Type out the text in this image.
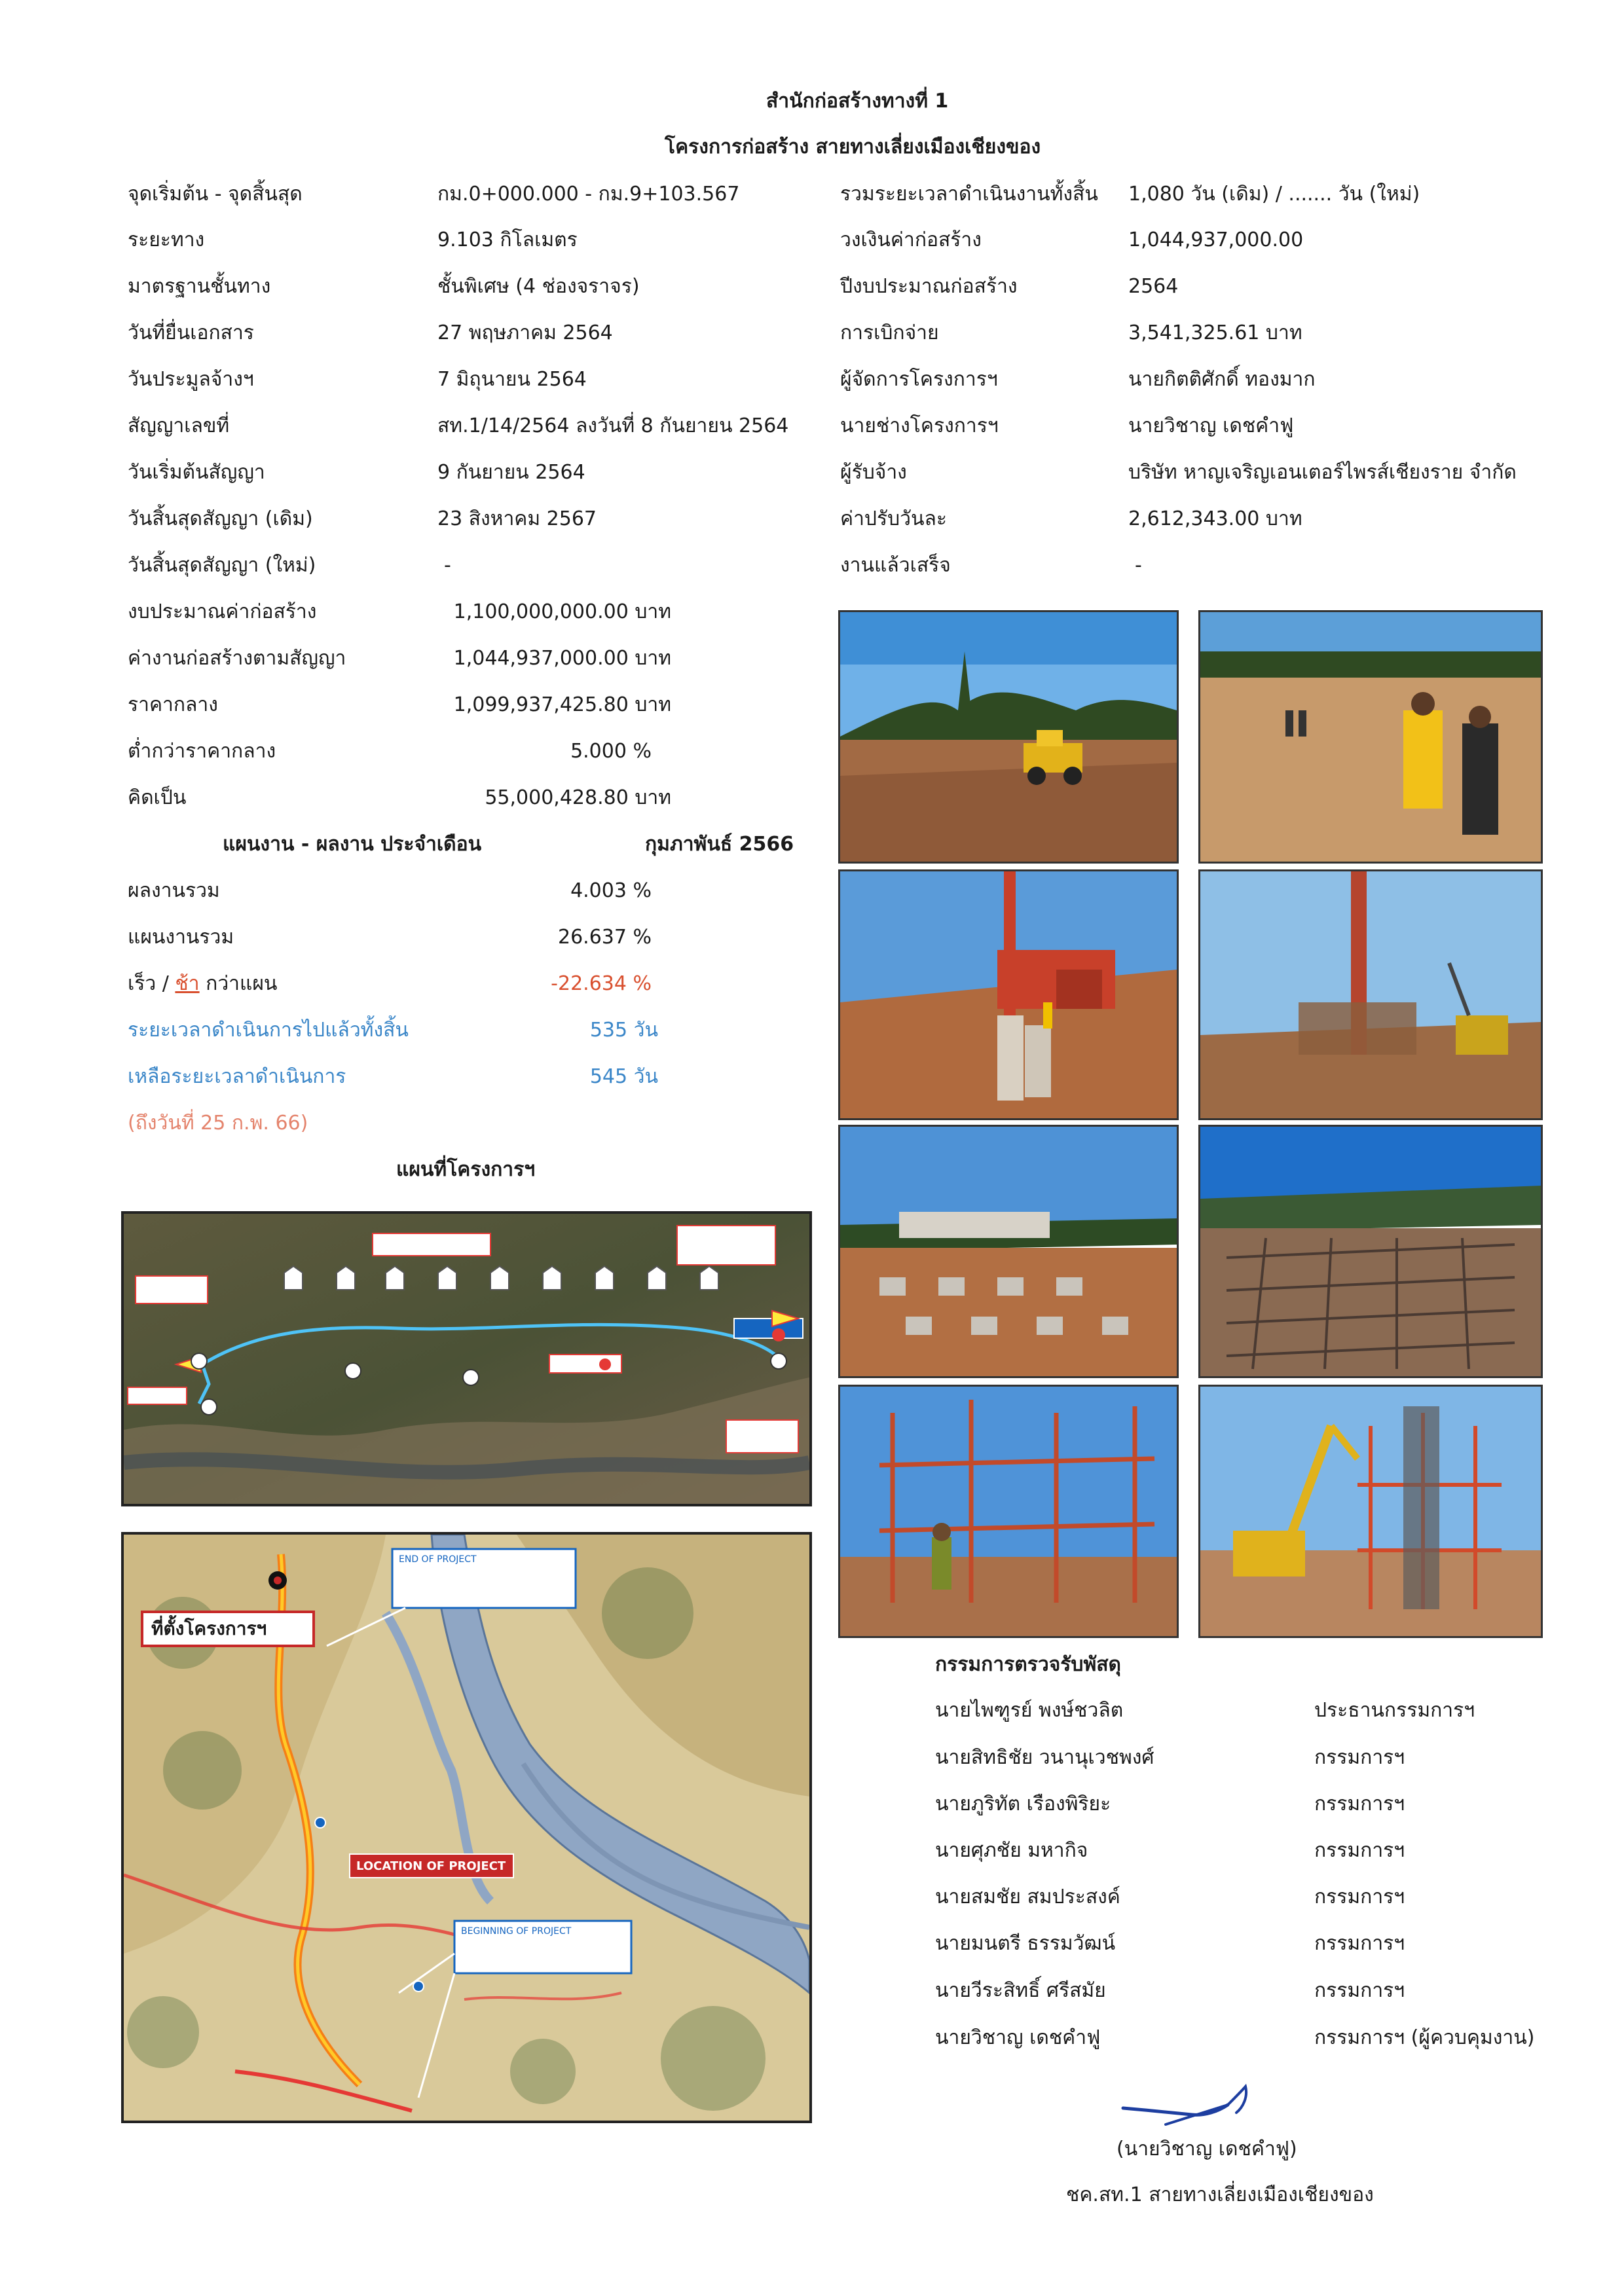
สำนักก่อสร้างทางที่ 1
โครงการก่อสร้าง สายทางเลี่ยงเมืองเชียงของ
จุดเริ่มต้น - จุดสิ้นสุด	กม.0+000.000 - กม.9+103.567
ระยะทาง	9.103 กิโลเมตร
มาตรฐานชั้นทาง	ชั้นพิเศษ (4 ช่องจราจร)
วันที่ยื่นเอกสาร	27 พฤษภาคม 2564
วันประมูลจ้างฯ	7 มิถุนายน 2564
สัญญาเลขที่	สท.1/14/2564 ลงวันที่ 8 กันยายน 2564
วันเริ่มต้นสัญญา	9 กันยายน 2564
วันสิ้นสุดสัญญา (เดิม)	23 สิงหาคม 2567
วันสิ้นสุดสัญญา (ใหม่)	-
รวมระยะเวลาดำเนินงานทั้งสิ้น 1,080 วัน (เดิม) / ....... วัน (ใหม่)
วงเงินค่าก่อสร้าง	1,044,937,000.00
ปีงบประมาณก่อสร้าง	2564
การเบิกจ่าย	3,541,325.61 บาท
ผู้จัดการโครงการฯ	นายกิตติศักดิ์ ทองมาก
นายช่างโครงการฯ	นายวิชาญ เดชคำฟู
ผู้รับจ้าง	บริษัท หาญเจริญเอนเตอร์ไพรส์เชียงราย จำกัด
ค่าปรับวันละ	2,612,343.00 บาท
งานแล้วเสร็จ	-
งบประมาณค่าก่อสร้าง	1,100,000,000.00 บาท
ค่างานก่อสร้างตามสัญญา	1,044,937,000.00 บาท
ราคากลาง	1,099,937,425.80 บาท
ต่ำกว่าราคากลาง	5.000 %
คิดเป็น	55,000,428.80 บาท
แผนงาน - ผลงาน ประจำเดือน	กุมภาพันธ์ 2566
ผลงานรวม	4.003 %
แผนงานรวม	26.637 %
เร็ว / ช้า กว่าแผน	-22.634 %
ระยะเวลาดำเนินการไปแล้วทั้งสิ้น	535 วัน
เหลือระยะเวลาดำเนินการ	545 วัน
(ถึงวันที่ 25 ก.พ. 66)
แผนที่โครงการฯ
ที่ตั้งโครงการฯ
LOCATION OF PROJECT
END OF PROJECT
BEGINNING OF PROJECT
กรรมการตรวจรับพัสดุ
นายไพฑูรย์ พงษ์ชวลิต	ประธานกรรมการฯ
นายสิทธิชัย วนานุเวชพงศ์	กรรมการฯ
นายภูริทัต เรืองพิริยะ	กรรมการฯ
นายศุภชัย มหากิจ	กรรมการฯ
นายสมชัย สมประสงค์	กรรมการฯ
นายมนตรี ธรรมวัฒน์	กรรมการฯ
นายวีระสิทธิ์ ศรีสมัย	กรรมการฯ
นายวิชาญ เดชคำฟู	กรรมการฯ (ผู้ควบคุมงาน)
(นายวิชาญ เดชคำฟู)
ชค.สท.1 สายทางเลี่ยงเมืองเชียงของ
